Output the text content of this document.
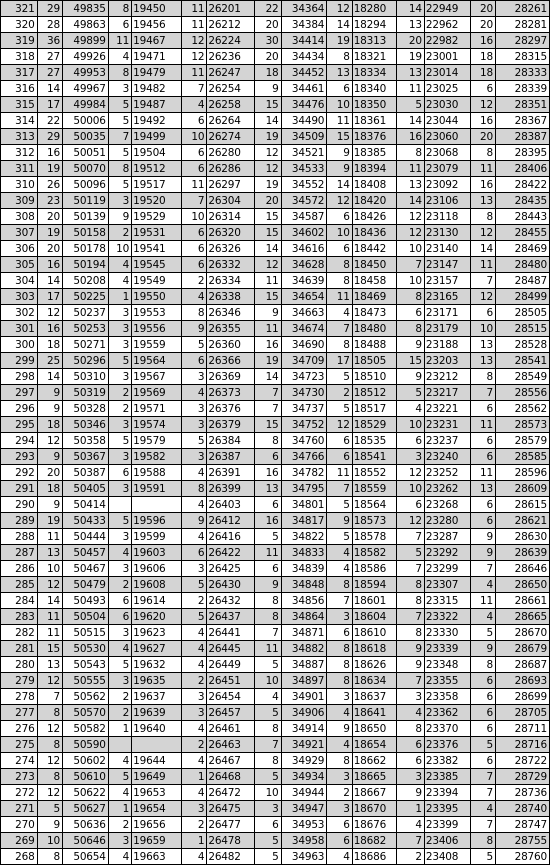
321	29	49835	8	19450	11	26201	22	34364	12	18280	14	22949	20	28261
320	28	49863	6	19456	11	26212	20	34384	14	18294	13	22962	20	28281
319	36	49899	11	19467	12	26224	30	34414	19	18313	20	22982	16	28297
318	27	49926	4	19471	12	26236	20	34434	8	18321	19	23001	18	28315
317	27	49953	8	19479	11	26247	18	34452	13	18334	13	23014	18	28333
316	14	49967	3	19482	7	26254	9	34461	6	18340	11	23025	6	28339
315	17	49984	5	19487	4	26258	15	34476	10	18350	5	23030	12	28351
314	22	50006	5	19492	6	26264	14	34490	11	18361	14	23044	16	28367
313	29	50035	7	19499	10	26274	19	34509	15	18376	16	23060	20	28387
312	16	50051	5	19504	6	26280	12	34521	9	18385	8	23068	8	28395
311	19	50070	8	19512	6	26286	12	34533	9	18394	11	23079	11	28406
310	26	50096	5	19517	11	26297	19	34552	14	18408	13	23092	16	28422
309	23	50119	3	19520	7	26304	20	34572	12	18420	14	23106	13	28435
308	20	50139	9	19529	10	26314	15	34587	6	18426	12	23118	8	28443
307	19	50158	2	19531	6	26320	15	34602	10	18436	12	23130	12	28455
306	20	50178	10	19541	6	26326	14	34616	6	18442	10	23140	14	28469
305	16	50194	4	19545	6	26332	12	34628	8	18450	7	23147	11	28480
304	14	50208	4	19549	2	26334	11	34639	8	18458	10	23157	7	28487
303	17	50225	1	19550	4	26338	15	34654	11	18469	8	23165	12	28499
302	12	50237	3	19553	8	26346	9	34663	4	18473	6	23171	6	28505
301	16	50253	3	19556	9	26355	11	34674	7	18480	8	23179	10	28515
300	18	50271	3	19559	5	26360	16	34690	8	18488	9	23188	13	28528
299	25	50296	5	19564	6	26366	19	34709	17	18505	15	23203	13	28541
298	14	50310	3	19567	3	26369	14	34723	5	18510	9	23212	8	28549
297	9	50319	2	19569	4	26373	7	34730	2	18512	5	23217	7	28556
296	9	50328	2	19571	3	26376	7	34737	5	18517	4	23221	6	28562
295	18	50346	3	19574	3	26379	15	34752	12	18529	10	23231	11	28573
294	12	50358	5	19579	5	26384	8	34760	6	18535	6	23237	6	28579
293	9	50367	3	19582	3	26387	6	34766	6	18541	3	23240	6	28585
292	20	50387	6	19588	4	26391	16	34782	11	18552	12	23252	11	28596
291	18	50405	3	19591	8	26399	13	34795	7	18559	10	23262	13	28609
290	9	50414			4	26403	6	34801	5	18564	6	23268	6	28615
289	19	50433	5	19596	9	26412	16	34817	9	18573	12	23280	6	28621
288	11	50444	3	19599	4	26416	5	34822	5	18578	7	23287	9	28630
287	13	50457	4	19603	6	26422	11	34833	4	18582	5	23292	9	28639
286	10	50467	3	19606	3	26425	6	34839	4	18586	7	23299	7	28646
285	12	50479	2	19608	5	26430	9	34848	8	18594	8	23307	4	28650
284	14	50493	6	19614	2	26432	8	34856	7	18601	8	23315	11	28661
283	11	50504	6	19620	5	26437	8	34864	3	18604	7	23322	4	28665
282	11	50515	3	19623	4	26441	7	34871	6	18610	8	23330	5	28670
281	15	50530	4	19627	4	26445	11	34882	8	18618	9	23339	9	28679
280	13	50543	5	19632	4	26449	5	34887	8	18626	9	23348	8	28687
279	12	50555	3	19635	2	26451	10	34897	8	18634	7	23355	6	28693
278	7	50562	2	19637	3	26454	4	34901	3	18637	3	23358	6	28699
277	8	50570	2	19639	3	26457	5	34906	4	18641	4	23362	6	28705
276	12	50582	1	19640	4	26461	8	34914	9	18650	8	23370	6	28711
275	8	50590			2	26463	7	34921	4	18654	6	23376	5	28716
274	12	50602	4	19644	4	26467	8	34929	8	18662	6	23382	6	28722
273	8	50610	5	19649	1	26468	5	34934	3	18665	3	23385	7	28729
272	12	50622	4	19653	4	26472	10	34944	2	18667	9	23394	7	28736
271	5	50627	1	19654	3	26475	3	34947	3	18670	1	23395	4	28740
270	9	50636	2	19656	2	26477	6	34953	6	18676	4	23399	7	28747
269	10	50646	3	19659	1	26478	5	34958	6	18682	7	23406	8	28755
268	8	50654	4	19663	4	26482	5	34963	4	18686	2	23408	5	28760
